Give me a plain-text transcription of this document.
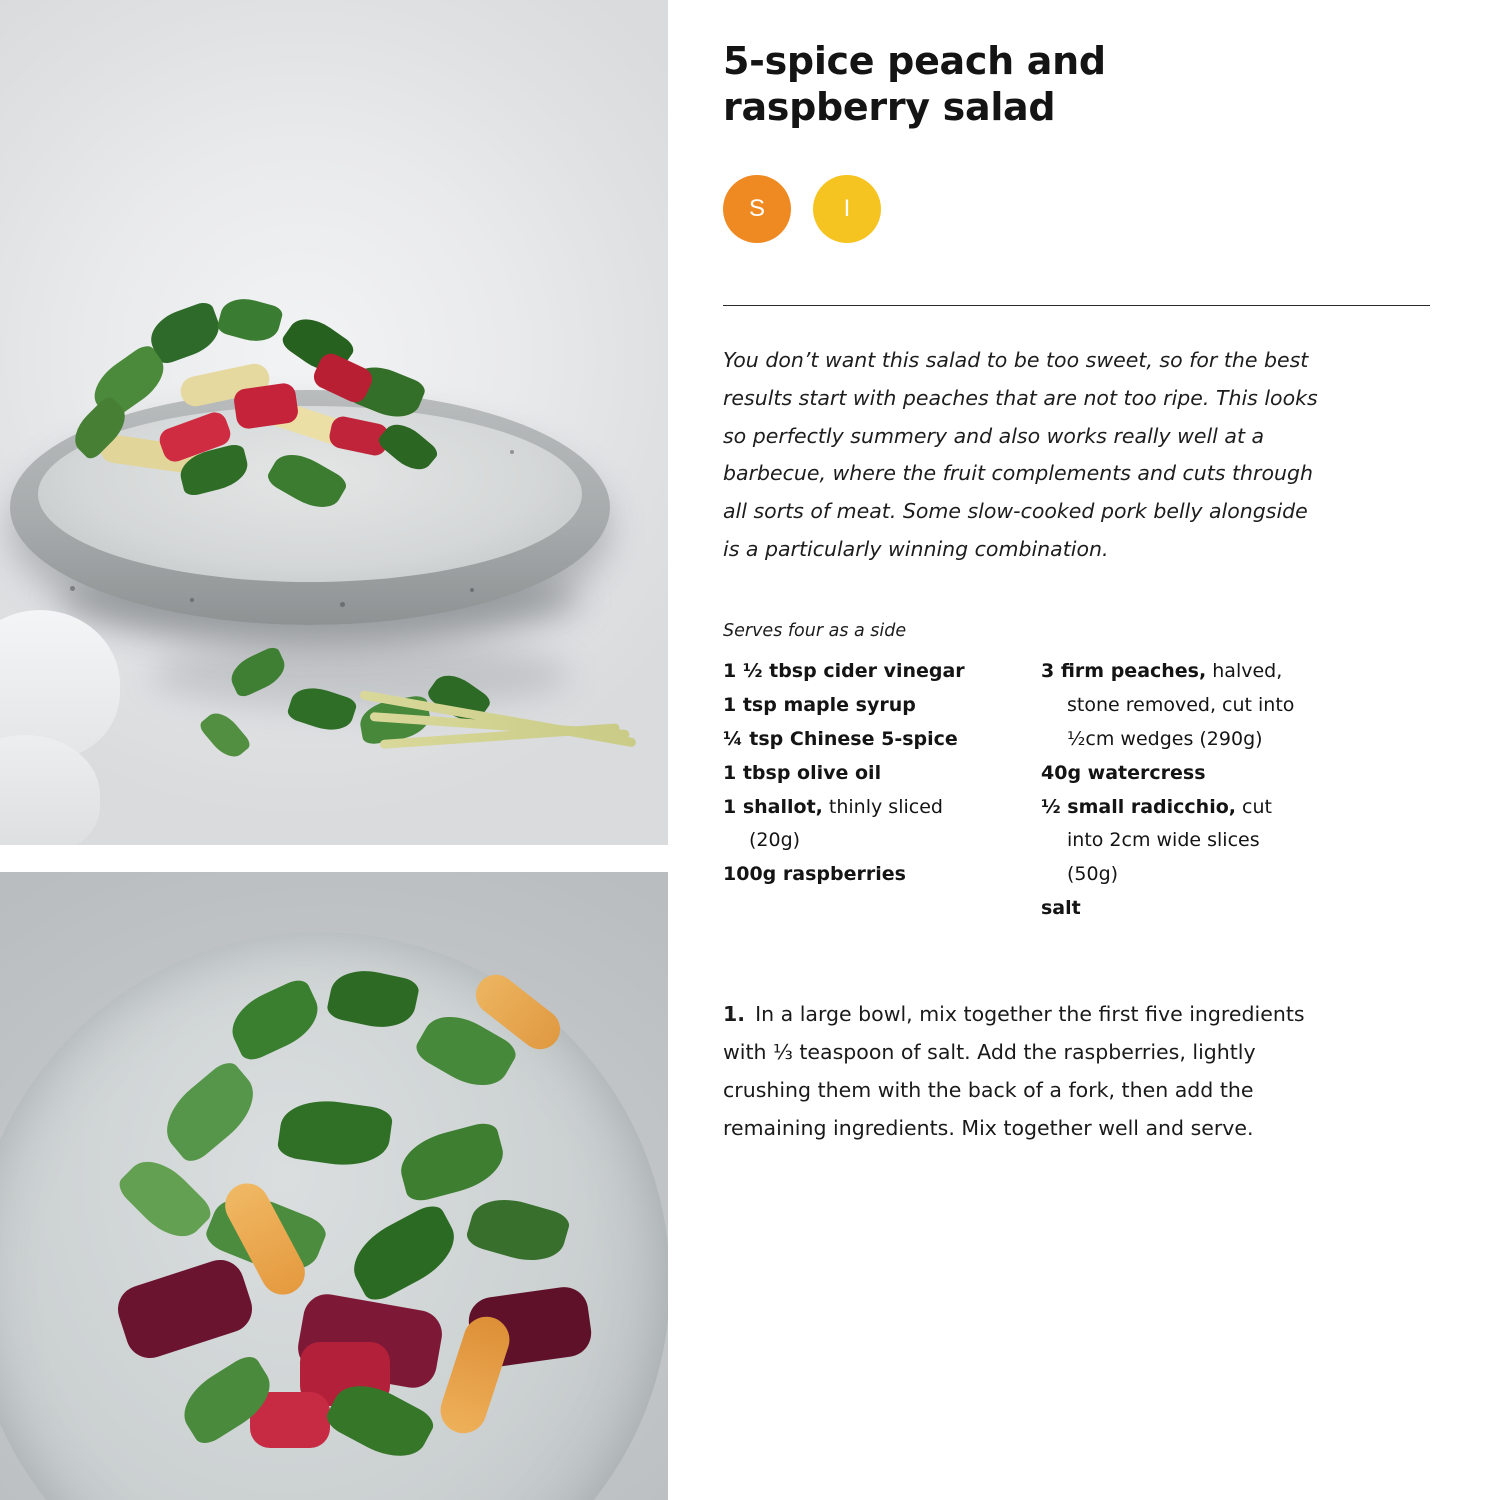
5-spice peach and raspberry salad
S	I

You don’t want this salad to be too sweet, so for the best results start with peaches that are not too ripe. This looks so perfectly summery and also works really well at a barbecue, where the fruit complements and cuts through all sorts of meat. Some slow-cooked pork belly alongside is a particularly winning combination.

Serves four as a side
1 ½ tbsp cider vinegar
1 tsp maple syrup
¼ tsp Chinese 5-spice
1 tbsp olive oil
1 shallot, thinly sliced
(20g)
100g raspberries
3 firm peaches, halved,
stone removed, cut into
½cm wedges (290g)
40g watercress
½ small radicchio, cut
into 2cm wide slices
(50g)
salt

1. In a large bowl, mix together the first five ingredients with ⅓ teaspoon of salt. Add the raspberries, lightly crushing them with the back of a fork, then add the remaining ingredients. Mix together well and serve.
